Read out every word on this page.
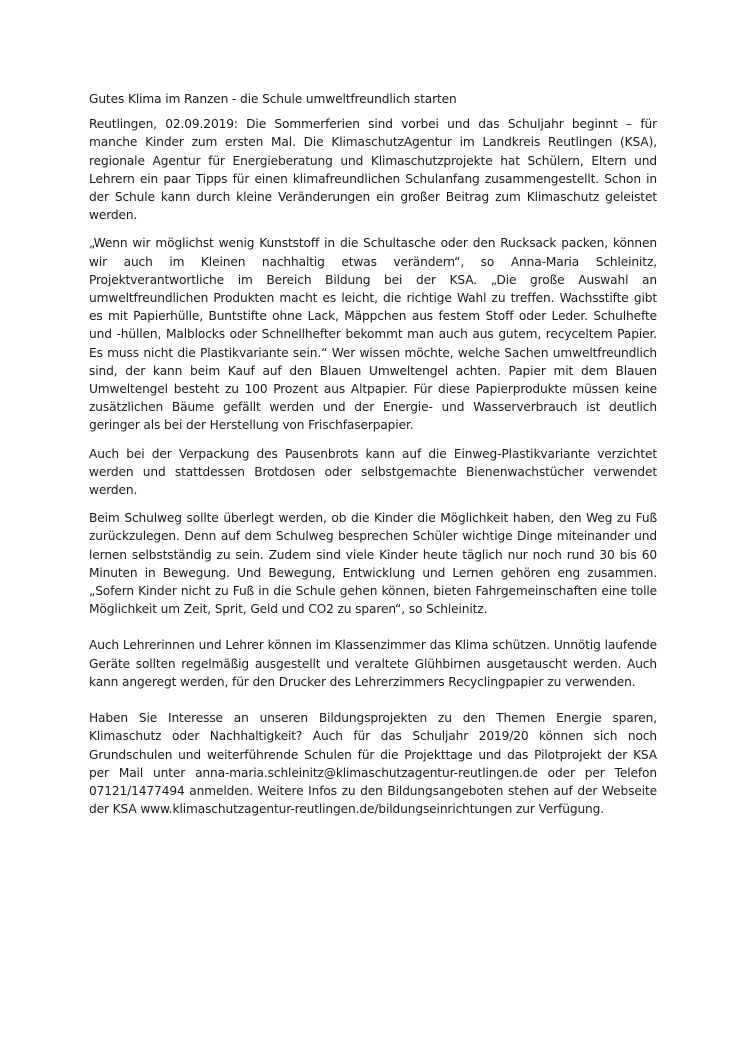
Gutes Klima im Ranzen - die Schule umweltfreundlich starten

Reutlingen, 02.09.2019: Die Sommerferien sind vorbei und das Schuljahr beginnt – für manche Kinder zum ersten Mal. Die KlimaschutzAgentur im Landkreis Reutlingen (KSA), regionale Agentur für Energieberatung und Klimaschutzprojekte hat Schülern, Eltern und Lehrern ein paar Tipps für einen klimafreundlichen Schulanfang zusammengestellt. Schon in der Schule kann durch kleine Veränderungen ein großer Beitrag zum Klimaschutz geleistet werden.

„Wenn wir möglichst wenig Kunststoff in die Schultasche oder den Rucksack packen, können wir auch im Kleinen nachhaltig etwas verändern“, so Anna-Maria Schleinitz, Projektverantwortliche im Bereich Bildung bei der KSA. „Die große Auswahl an umweltfreundlichen Produkten macht es leicht, die richtige Wahl zu treffen. Wachsstifte gibt es mit Papierhülle, Buntstifte ohne Lack, Mäppchen aus festem Stoff oder Leder. Schulhefte und -hüllen, Malblocks oder Schnellhefter bekommt man auch aus gutem, recyceltem Papier. Es muss nicht die Plastikvariante sein.“ Wer wissen möchte, welche Sachen umweltfreundlich sind, der kann beim Kauf auf den Blauen Umweltengel achten. Papier mit dem Blauen Umweltengel besteht zu 100 Prozent aus Altpapier. Für diese Papierprodukte müssen keine zusätzlichen Bäume gefällt werden und der Energie- und Wasserverbrauch ist deutlich geringer als bei der Herstellung von Frischfaserpapier.

Auch bei der Verpackung des Pausenbrots kann auf die Einweg-Plastikvariante verzichtet werden und stattdessen Brotdosen oder selbstgemachte Bienenwachstücher verwendet werden.

Beim Schulweg sollte überlegt werden, ob die Kinder die Möglichkeit haben, den Weg zu Fuß zurückzulegen. Denn auf dem Schulweg besprechen Schüler wichtige Dinge miteinander und lernen selbstständig zu sein. Zudem sind viele Kinder heute täglich nur noch rund 30 bis 60 Minuten in Bewegung. Und Bewegung, Entwicklung und Lernen gehören eng zusammen. „Sofern Kinder nicht zu Fuß in die Schule gehen können, bieten Fahrgemeinschaften eine tolle Möglichkeit um Zeit, Sprit, Geld und CO2 zu sparen“, so Schleinitz.

Auch Lehrerinnen und Lehrer können im Klassenzimmer das Klima schützen. Unnötig laufende Geräte sollten regelmäßig ausgestellt und veraltete Glühbirnen ausgetauscht werden. Auch kann angeregt werden, für den Drucker des Lehrerzimmers Recyclingpapier zu verwenden.

Haben Sie Interesse an unseren Bildungsprojekten zu den Themen Energie sparen, Klimaschutz oder Nachhaltigkeit? Auch für das Schuljahr 2019/20 können sich noch Grundschulen und weiterführende Schulen für die Projekttage und das Pilotprojekt der KSA per Mail unter anna-maria.schleinitz@klimaschutzagentur-reutlingen.de oder per Telefon 07121/1477494 anmelden. Weitere Infos zu den Bildungsangeboten stehen auf der Webseite der KSA www.klimaschutzagentur-reutlingen.de/bildungseinrichtungen zur Verfügung.
